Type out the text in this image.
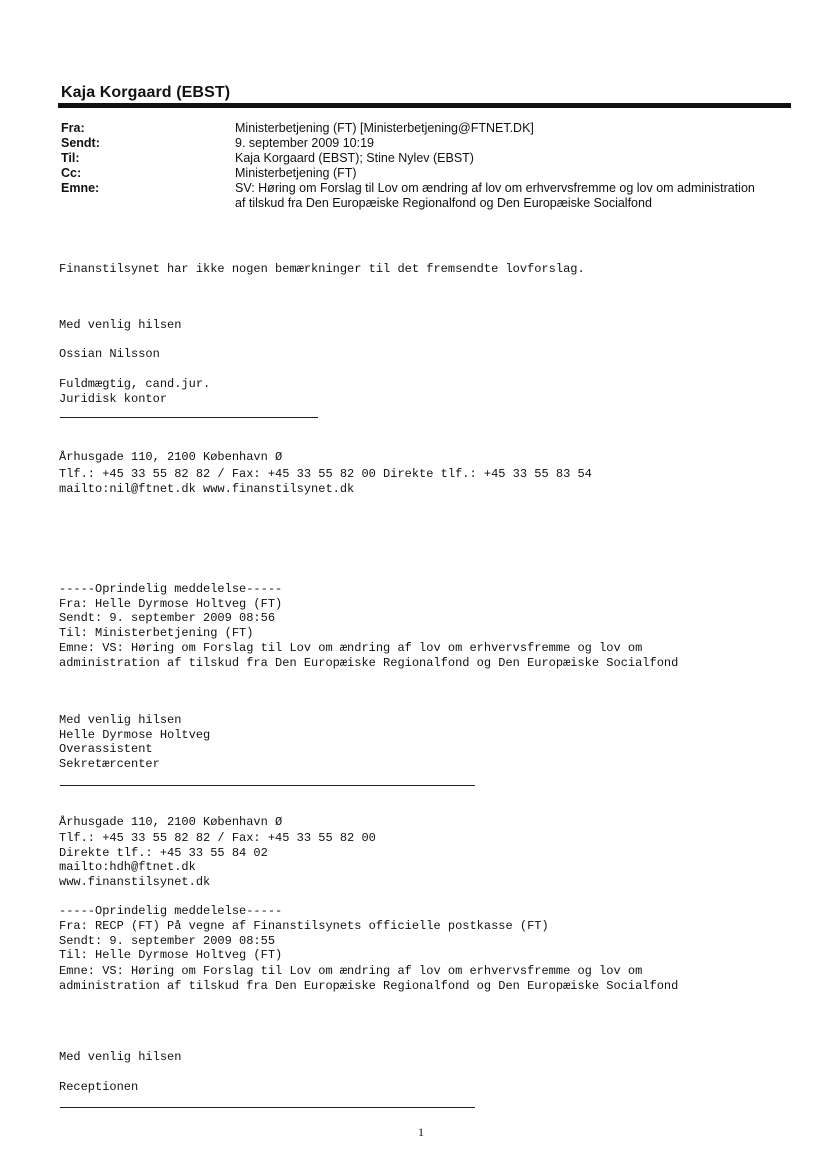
Kaja Korgaard (EBST)
Fra:	Ministerbetjening (FT) [Ministerbetjening@FTNET.DK]
Sendt:	9. september 2009 10:19
Til:	Kaja Korgaard (EBST); Stine Nylev (EBST)
Cc:	Ministerbetjening (FT)
Emne:	SV: Høring om Forslag til Lov om ændring af lov om erhvervsfremme og lov om administration af tilskud fra Den Europæiske Regionalfond og Den Europæiske Socialfond
Finanstilsynet har ikke nogen bemærkninger til det fremsendte lovforslag.
Med venlig hilsen
Ossian Nilsson
Fuldmægtig, cand.jur.
Juridisk kontor
Århusgade 110, 2100 København Ø
Tlf.: +45 33 55 82 82 / Fax: +45 33 55 82 00 Direkte tlf.: +45 33 55 83 54
mailto:nil@ftnet.dk www.finanstilsynet.dk
-----Oprindelig meddelelse-----
Fra: Helle Dyrmose Holtveg (FT)
Sendt: 9. september 2009 08:56
Til: Ministerbetjening (FT)
Emne: VS: Høring om Forslag til Lov om ændring af lov om erhvervsfremme og lov om
administration af tilskud fra Den Europæiske Regionalfond og Den Europæiske Socialfond
Med venlig hilsen
Helle Dyrmose Holtveg
Overassistent
Sekretærcenter
Århusgade 110, 2100 København Ø
Tlf.: +45 33 55 82 82 / Fax: +45 33 55 82 00
Direkte tlf.: +45 33 55 84 02
mailto:hdh@ftnet.dk
www.finanstilsynet.dk
-----Oprindelig meddelelse-----
Fra: RECP (FT) På vegne af Finanstilsynets officielle postkasse (FT)
Sendt: 9. september 2009 08:55
Til: Helle Dyrmose Holtveg (FT)
Emne: VS: Høring om Forslag til Lov om ændring af lov om erhvervsfremme og lov om
administration af tilskud fra Den Europæiske Regionalfond og Den Europæiske Socialfond
Med venlig hilsen
Receptionen
1
